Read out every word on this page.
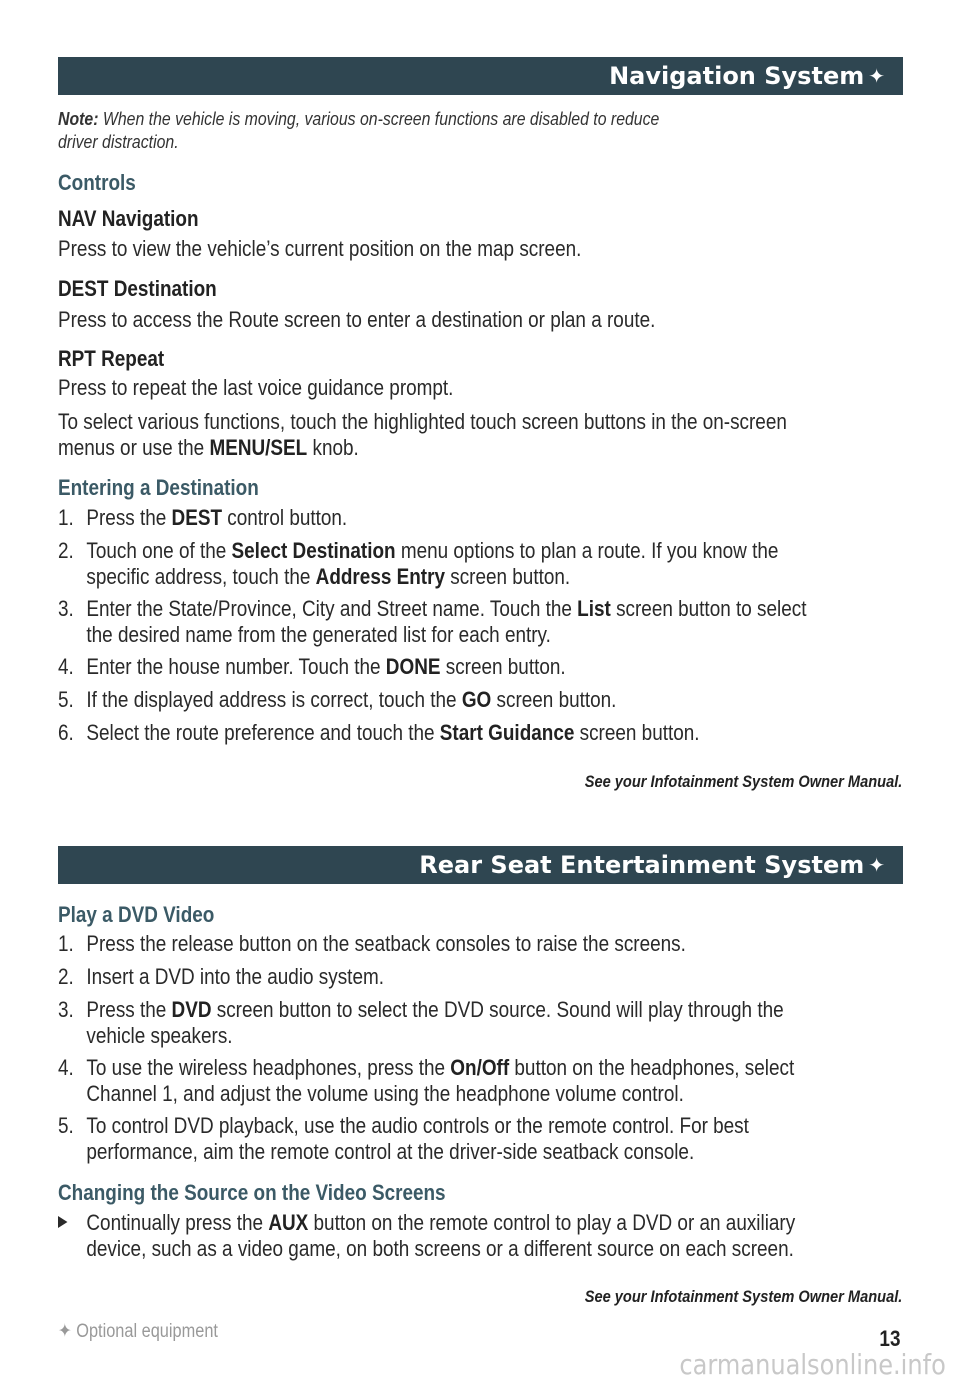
Navigation System ✦
Note: When the vehicle is moving, various on-screen functions are disabled to reduce
driver distraction.
Controls
NAV Navigation
Press to view the vehicle’s current position on the map screen.
DEST Destination
Press to access the Route screen to enter a destination or plan a route.
RPT Repeat
Press to repeat the last voice guidance prompt.
To select various functions, touch the highlighted touch screen buttons in the on-screen
menus or use the MENU/SEL knob.
Entering a Destination
1. Press the DEST control button.
2. Touch one of the Select Destination menu options to plan a route. If you know the
specific address, touch the Address Entry screen button.
3. Enter the State/Province, City and Street name. Touch the List screen button to select
the desired name from the generated list for each entry.
4. Enter the house number. Touch the DONE screen button.
5. If the displayed address is correct, touch the GO screen button.
6. Select the route preference and touch the Start Guidance screen button.
See your Infotainment System Owner Manual.
Rear Seat Entertainment System ✦
Play a DVD Video
1. Press the release button on the seatback consoles to raise the screens.
2. Insert a DVD into the audio system.
3. Press the DVD screen button to select the DVD source. Sound will play through the
vehicle speakers.
4. To use the wireless headphones, press the On/Off button on the headphones, select
Channel 1, and adjust the volume using the headphone volume control.
5. To control DVD playback, use the audio controls or the remote control. For best
performance, aim the remote control at the driver-side seatback console.
Changing the Source on the Video Screens
Continually press the AUX button on the remote control to play a DVD or an auxiliary
device, such as a video game, on both screens or a different source on each screen.
See your Infotainment System Owner Manual.
✦ Optional equipment	13
carmanualsonline.info
